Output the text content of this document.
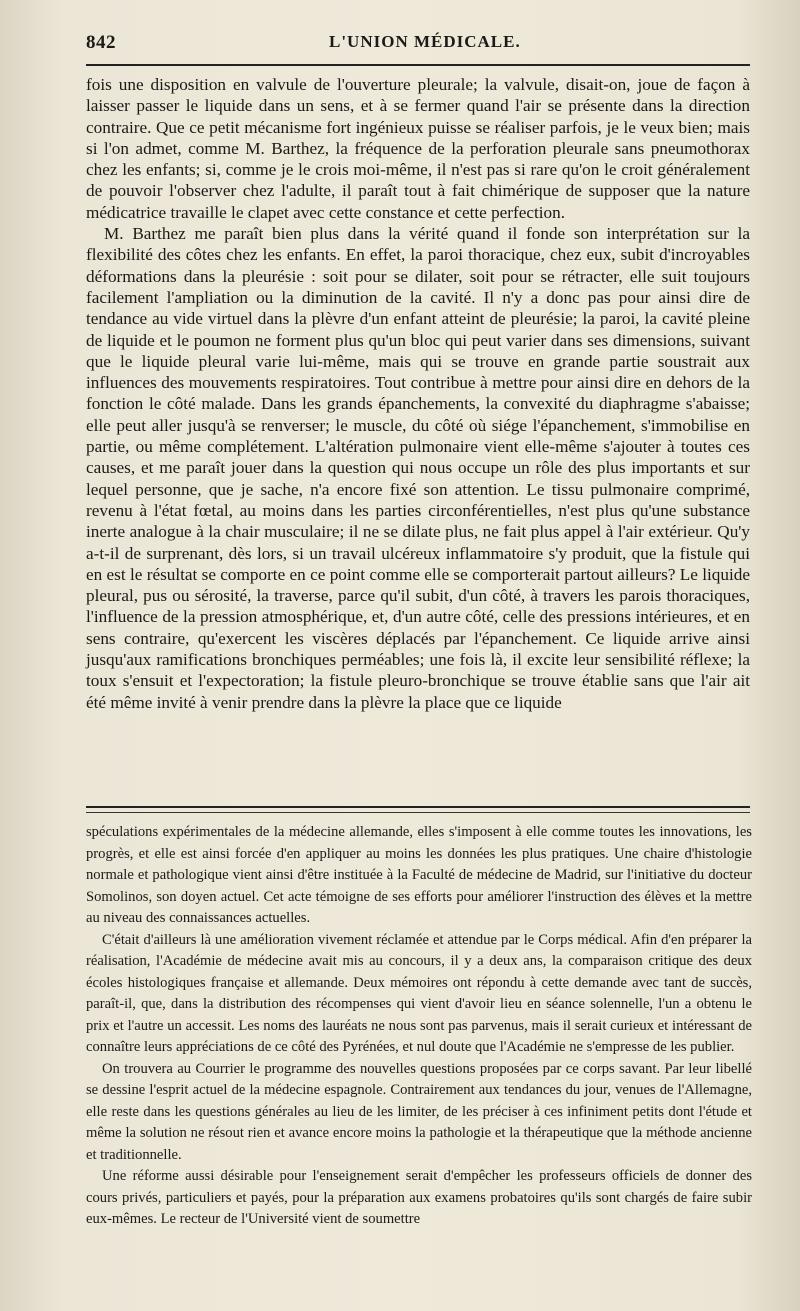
842	L'UNION MÉDICALE.

fois une disposition en valvule de l'ouverture pleurale; la valvule, disait-on, joue de façon à laisser passer le liquide dans un sens, et à se fermer quand l'air se présente dans la direction contraire. Que ce petit mécanisme fort ingénieux puisse se réaliser parfois, je le veux bien; mais si l'on admet, comme M. Barthez, la fréquence de la perforation pleurale sans pneumothorax chez les enfants; si, comme je le crois moi-même, il n'est pas si rare qu'on le croit généralement de pouvoir l'observer chez l'adulte, il paraît tout à fait chimérique de supposer que la nature médicatrice travaille le clapet avec cette constance et cette perfection.

M. Barthez me paraît bien plus dans la vérité quand il fonde son interprétation sur la flexibilité des côtes chez les enfants. En effet, la paroi thoracique, chez eux, subit d'incroyables déformations dans la pleurésie : soit pour se dilater, soit pour se rétracter, elle suit toujours facilement l'ampliation ou la diminution de la cavité. Il n'y a donc pas pour ainsi dire de tendance au vide virtuel dans la plèvre d'un enfant atteint de pleurésie; la paroi, la cavité pleine de liquide et le poumon ne forment plus qu'un bloc qui peut varier dans ses dimensions, suivant que le liquide pleural varie lui-même, mais qui se trouve en grande partie soustrait aux influences des mouvements respiratoires. Tout contribue à mettre pour ainsi dire en dehors de la fonction le côté malade. Dans les grands épanchements, la convexité du diaphragme s'abaisse; elle peut aller jusqu'à se renverser; le muscle, du côté où siége l'épanchement, s'immobilise en partie, ou même complétement. L'altération pulmonaire vient elle-même s'ajouter à toutes ces causes, et me paraît jouer dans la question qui nous occupe un rôle des plus importants et sur lequel personne, que je sache, n'a encore fixé son attention. Le tissu pulmonaire comprimé, revenu à l'état fœtal, au moins dans les parties circonférentielles, n'est plus qu'une substance inerte analogue à la chair musculaire; il ne se dilate plus, ne fait plus appel à l'air extérieur. Qu'y a-t-il de surprenant, dès lors, si un travail ulcéreux inflammatoire s'y produit, que la fistule qui en est le résultat se comporte en ce point comme elle se comporterait partout ailleurs? Le liquide pleural, pus ou sérosité, la traverse, parce qu'il subit, d'un côté, à travers les parois thoraciques, l'influence de la pression atmosphérique, et, d'un autre côté, celle des pressions intérieures, et en sens contraire, qu'exercent les viscères déplacés par l'épanchement. Ce liquide arrive ainsi jusqu'aux ramifications bronchiques perméables; une fois là, il excite leur sensibilité réflexe; la toux s'ensuit et l'expectoration; la fistule pleuro-bronchique se trouve établie sans que l'air ait été même invité à venir prendre dans la plèvre la place que ce liquide

spéculations expérimentales de la médecine allemande, elles s'imposent à elle comme toutes les innovations, les progrès, et elle est ainsi forcée d'en appliquer au moins les données les plus pratiques. Une chaire d'histologie normale et pathologique vient ainsi d'être instituée à la Faculté de médecine de Madrid, sur l'initiative du docteur Somolinos, son doyen actuel. Cet acte témoigne de ses efforts pour améliorer l'instruction des élèves et la mettre au niveau des connaissances actuelles.

C'était d'ailleurs là une amélioration vivement réclamée et attendue par le Corps médical. Afin d'en préparer la réalisation, l'Académie de médecine avait mis au concours, il y a deux ans, la comparaison critique des deux écoles histologiques française et allemande. Deux mémoires ont répondu à cette demande avec tant de succès, paraît-il, que, dans la distribution des récompenses qui vient d'avoir lieu en séance solennelle, l'un a obtenu le prix et l'autre un accessit. Les noms des lauréats ne nous sont pas parvenus, mais il serait curieux et intéressant de connaître leurs appréciations de ce côté des Pyrénées, et nul doute que l'Académie ne s'empresse de les publier.

On trouvera au Courrier le programme des nouvelles questions proposées par ce corps savant. Par leur libellé se dessine l'esprit actuel de la médecine espagnole. Contrairement aux tendances du jour, venues de l'Allemagne, elle reste dans les questions générales au lieu de les limiter, de les préciser à ces infiniment petits dont l'étude et même la solution ne résout rien et avance encore moins la pathologie et la thérapeutique que la méthode ancienne et traditionnelle.

Une réforme aussi désirable pour l'enseignement serait d'empêcher les professeurs officiels de donner des cours privés, particuliers et payés, pour la préparation aux examens probatoires qu'ils sont chargés de faire subir eux-mêmes. Le recteur de l'Université vient de soumettre
